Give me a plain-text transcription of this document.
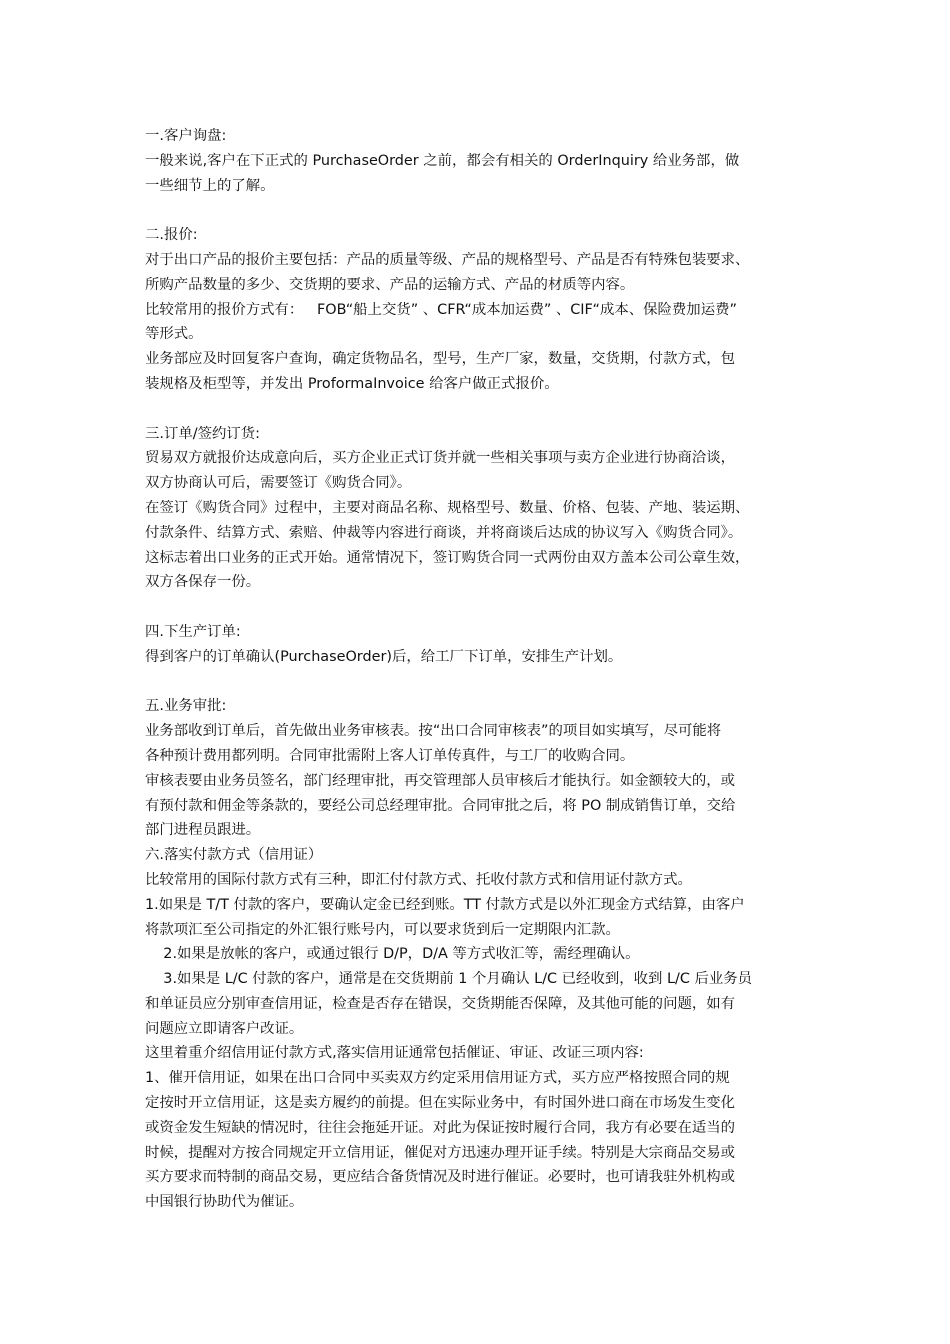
一.客户询盘:
一般来说,客户在下正式的 PurchaseOrder 之前，都会有相关的 OrderInquiry 给业务部，做
一些细节上的了解。
二.报价:
对于出口产品的报价主要包括：产品的质量等级、产品的规格型号、产品是否有特殊包装要求、
所购产品数量的多少、交货期的要求、产品的运输方式、产品的材质等内容。
比较常用的报价方式有：   FOB“船上交货” 、CFR“成本加运费” 、CIF“成本、保险费加运费”
等形式。
业务部应及时回复客户查询，确定货物品名，型号，生产厂家，数量，交货期，付款方式，包
装规格及柜型等，并发出 ProformaInvoice 给客户做正式报价。
三.订单/签约订货:
贸易双方就报价达成意向后，买方企业正式订货并就一些相关事项与卖方企业进行协商洽谈，
双方协商认可后，需要签订《购货合同》。
在签订《购货合同》过程中，主要对商品名称、规格型号、数量、价格、包装、产地、装运期、
付款条件、结算方式、索赔、仲裁等内容进行商谈，并将商谈后达成的协议写入《购货合同》。
这标志着出口业务的正式开始。通常情况下，签订购货合同一式两份由双方盖本公司公章生效，
双方各保存一份。
四.下生产订单:
得到客户的订单确认(PurchaseOrder)后，给工厂下订单，安排生产计划。
五.业务审批:
业务部收到订单后，首先做出业务审核表。按“出口合同审核表”的项目如实填写，尽可能将
各种预计费用都列明。合同审批需附上客人订单传真件，与工厂的收购合同。
审核表要由业务员签名，部门经理审批，再交管理部人员审核后才能执行。如金额较大的，或
有预付款和佣金等条款的，要经公司总经理审批。合同审批之后，将 PO 制成销售订单，交给
部门进程员跟进。
六.落实付款方式（信用证）
比较常用的国际付款方式有三种，即汇付付款方式、托收付款方式和信用证付款方式。
1.如果是 T/T 付款的客户，要确认定金已经到账。TT 付款方式是以外汇现金方式结算，由客户
将款项汇至公司指定的外汇银行账号内，可以要求货到后一定期限内汇款。
2.如果是放帐的客户，或通过银行 D/P，D/A 等方式收汇等，需经理确认。
3.如果是 L/C 付款的客户，通常是在交货期前 1 个月确认 L/C 已经收到，收到 L/C 后业务员
和单证员应分别审查信用证，检查是否存在错误，交货期能否保障，及其他可能的问题，如有
问题应立即请客户改证。
这里着重介绍信用证付款方式,落实信用证通常包括催证、审证、改证三项内容:
1、催开信用证，如果在出口合同中买卖双方约定采用信用证方式，买方应严格按照合同的规
定按时开立信用证，这是卖方履约的前提。但在实际业务中，有时国外进口商在市场发生变化
或资金发生短缺的情况时，往往会拖延开证。对此为保证按时履行合同，我方有必要在适当的
时候，提醒对方按合同规定开立信用证，催促对方迅速办理开证手续。特别是大宗商品交易或
买方要求而特制的商品交易，更应结合备货情况及时进行催证。必要时，也可请我驻外机构或
中国银行协助代为催证。
